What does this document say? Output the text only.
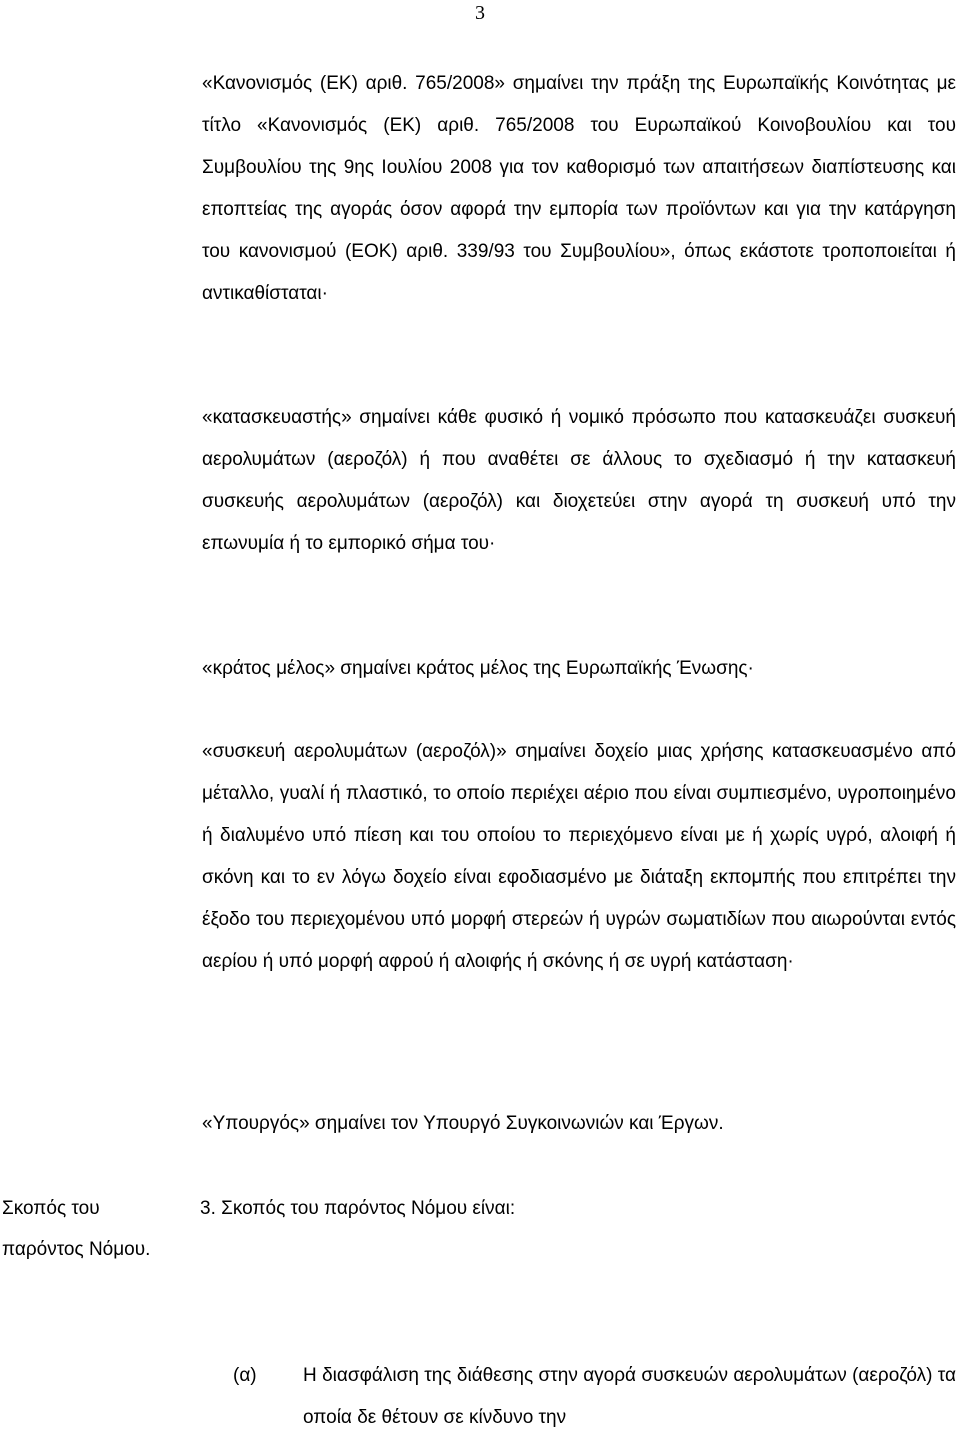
3

«Κανονισμός (ΕΚ) αριθ. 765/2008» σημαίνει την πράξη της Ευρωπαϊκής Κοινότητας με τίτλο «Κανονισμός (ΕΚ) αριθ. 765/2008 του Ευρωπαϊκού Κοινοβουλίου και του Συμβουλίου της 9ης Ιουλίου 2008 για τον καθορισμό των απαιτήσεων διαπίστευσης και εποπτείας της αγοράς όσον αφορά την εμπορία των προϊόντων και για την κατάργηση του κανονισμού (ΕΟΚ) αριθ. 339/93 του Συμβουλίου», όπως εκάστοτε τροποποιείται ή αντικαθίσταται·

«κατασκευαστής» σημαίνει κάθε φυσικό ή νομικό πρόσωπο που κατασκευάζει συσκευή αερολυμάτων (αεροζόλ) ή που αναθέτει σε άλλους το σχεδιασμό ή την κατασκευή συσκευής αερολυμάτων (αεροζόλ) και διοχετεύει στην αγορά τη συσκευή υπό την επωνυμία ή το εμπορικό σήμα του·

«κράτος μέλος» σημαίνει κράτος μέλος της Ευρωπαϊκής Ένωσης·

«συσκευή αερολυμάτων (αεροζόλ)» σημαίνει δοχείο μιας χρήσης κατασκευασμένο από μέταλλο, γυαλί ή πλαστικό, το οποίο περιέχει αέριο που είναι συμπιεσμένο, υγροποιημένο ή διαλυμένο υπό πίεση και του οποίου το περιεχόμενο είναι με ή χωρίς υγρό, αλοιφή ή σκόνη και το εν λόγω δοχείο είναι εφοδιασμένο με διάταξη εκπομπής που επιτρέπει την έξοδο του περιεχομένου υπό μορφή στερεών ή υγρών σωματιδίων που αιωρούνται εντός αερίου ή υπό μορφή αφρού ή αλοιφής ή σκόνης ή σε υγρή κατάσταση·

«Υπουργός» σημαίνει τον Υπουργό Συγκοινωνιών και Έργων.

Σκοπός του παρόντος Νόμου.

3. Σκοπός του παρόντος Νόμου είναι:

(α) Η διασφάλιση της διάθεσης στην αγορά συσκευών αερολυμάτων (αεροζόλ) τα οποία δε θέτουν σε κίνδυνο την
